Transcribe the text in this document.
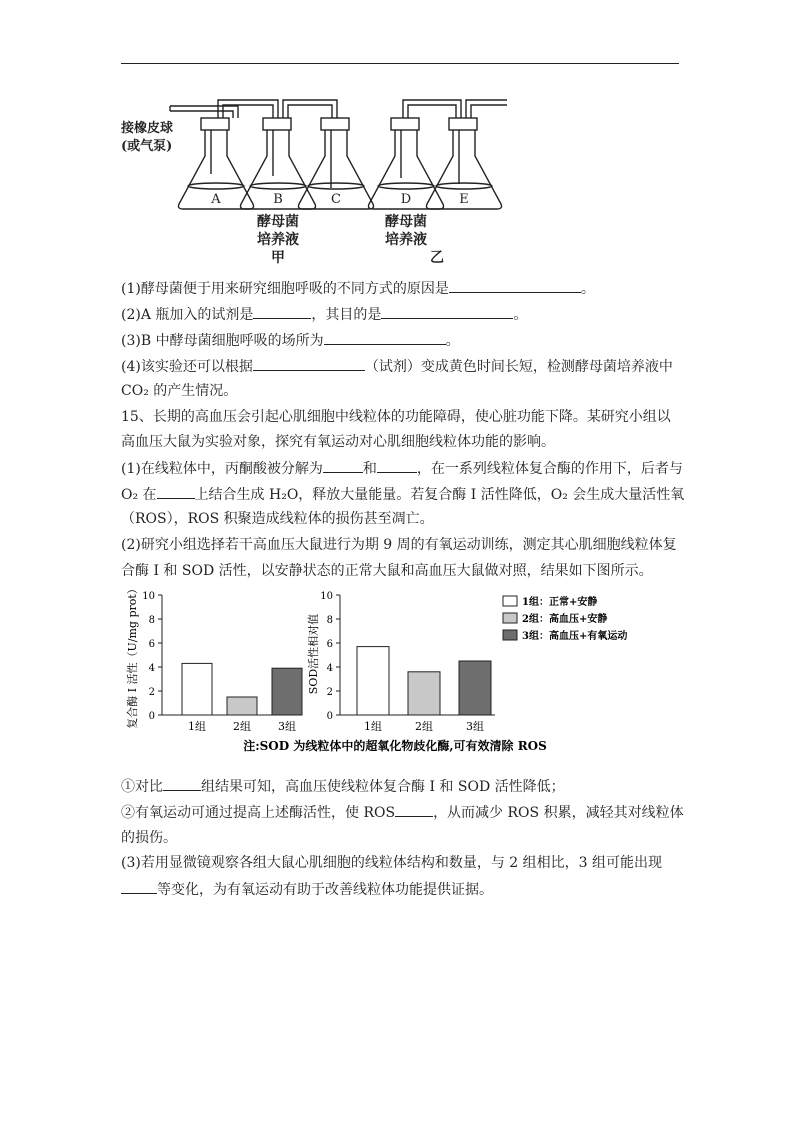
接橡皮球
(或气泵)
A	B	C	D	E
酵母菌
培养液
甲
酵母菌
培养液
乙
(1)酵母菌便于用来研究细胞呼吸的不同方式的原因是	。
(2)A 瓶加入的试剂是	，其目的是	。
(3)B 中酵母菌细胞呼吸的场所为	。
(4)该实验还可以根据	（试剂）变成黄色时间长短，检测酵母菌培养液中
CO₂ 的产生情况。
15、长期的高血压会引起心肌细胞中线粒体的功能障碍，使心脏功能下降。某研究小组以
高血压大鼠为实验对象，探究有氧运动对心肌细胞线粒体功能的影响。
(1)在线粒体中，丙酮酸被分解为	和	，在一系列线粒体复合酶的作用下，后者与
O₂ 在	上结合生成 H₂O，释放大量能量。若复合酶 I 活性降低，O₂ 会生成大量活性氧
（ROS），ROS 积聚造成线粒体的损伤甚至凋亡。
(2)研究小组选择若干高血压大鼠进行为期 9 周的有氧运动训练，测定其心肌细胞线粒体复
合酶 I 和 SOD 活性，以安静状态的正常大鼠和高血压大鼠做对照，结果如下图所示。
复合酶 I 活性（U/mg prot） 0
2
4
6
8
10
1组 2组 3组
SOD活性相对值
0
2
4
6
8
10
1组	2组	3组
1组：正常+安静
2组：高血压+安静
3组：高血压+有氧运动
注:SOD 为线粒体中的超氧化物歧化酶,可有效清除 ROS
①对比	组结果可知，高血压使线粒体复合酶 I 和 SOD 活性降低；
②有氧运动可通过提高上述酶活性，使 ROS	，从而减少 ROS 积累，减轻其对线粒体
的损伤。
(3)若用显微镜观察各组大鼠心肌细胞的线粒体结构和数量，与 2 组相比，3 组可能出现
等变化，为有氧运动有助于改善线粒体功能提供证据。
